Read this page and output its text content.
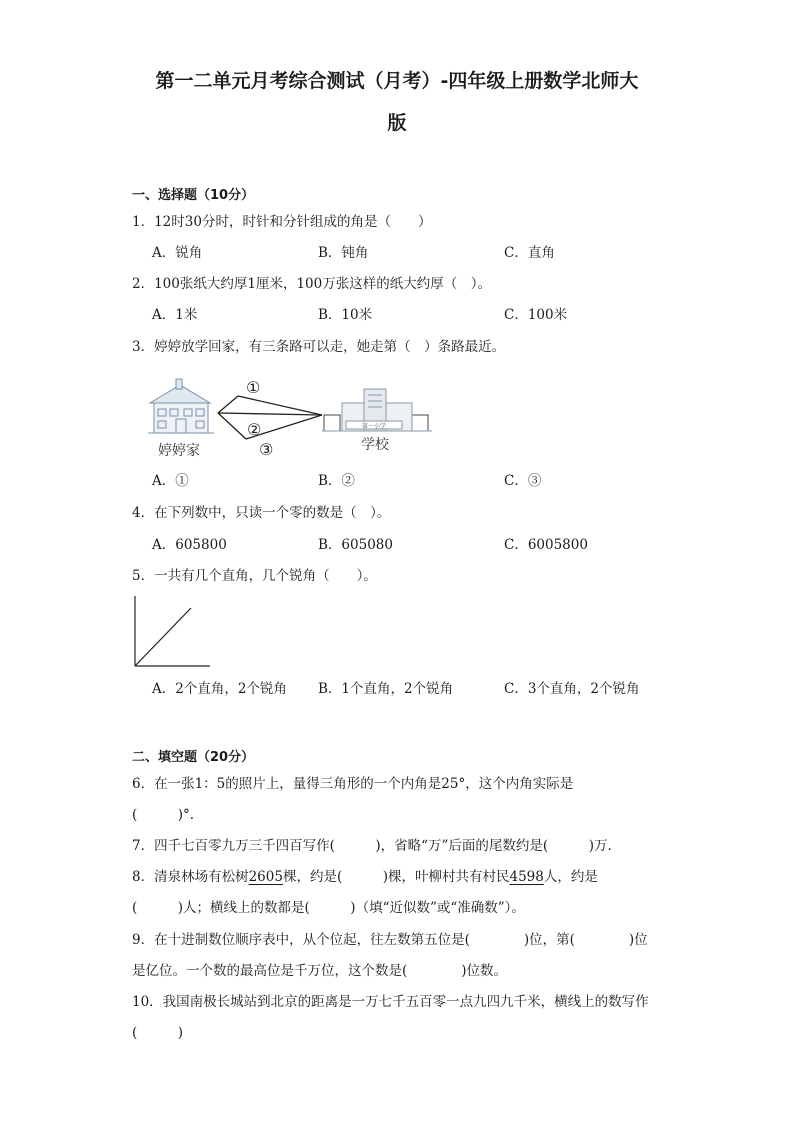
第一二单元月考综合测试（月考）-四年级上册数学北师大
版
一、选择题（10分）
1．12时30分时，时针和分针组成的角是（　　）
A．锐角	B．钝角	C．直角
2．100张纸大约厚1厘米，100万张这样的纸大约厚（　）。
A．1米	B．10米	C．100米
3．婷婷放学回家，有三条路可以走，她走第（　）条路最近。
婷婷家
①
②
③
第一小学
学校
A．①	B．②	C．③
4．在下列数中，只读一个零的数是（　）。
A．605800	B．605080	C．6005800
5．一共有几个直角，几个锐角（　　）。
A．2个直角，2个锐角 B．1个直角，2个锐角	C．3个直角，2个锐角
二、填空题（20分）
6．在一张1：5的照片上，量得三角形的一个内角是25°，这个内角实际是
(　　　)°.
7．四千七百零九万三千四百写作(　　　)，省略“万”后面的尾数约是(　　　)万.
8．清泉林场有松树2605棵，约是(　　　)棵，叶柳村共有村民4598人，约是
(　　　)人；横线上的数都是(　　　)（填“近似数”或“准确数”）。
9．在十进制数位顺序表中，从个位起，往左数第五位是(　　　　)位，第(　　　　)位
是亿位。一个数的最高位是千万位，这个数是(　　　　)位数。
10．我国南极长城站到北京的距离是一万七千五百零一点九四九千米，横线上的数写作
(　　　)
